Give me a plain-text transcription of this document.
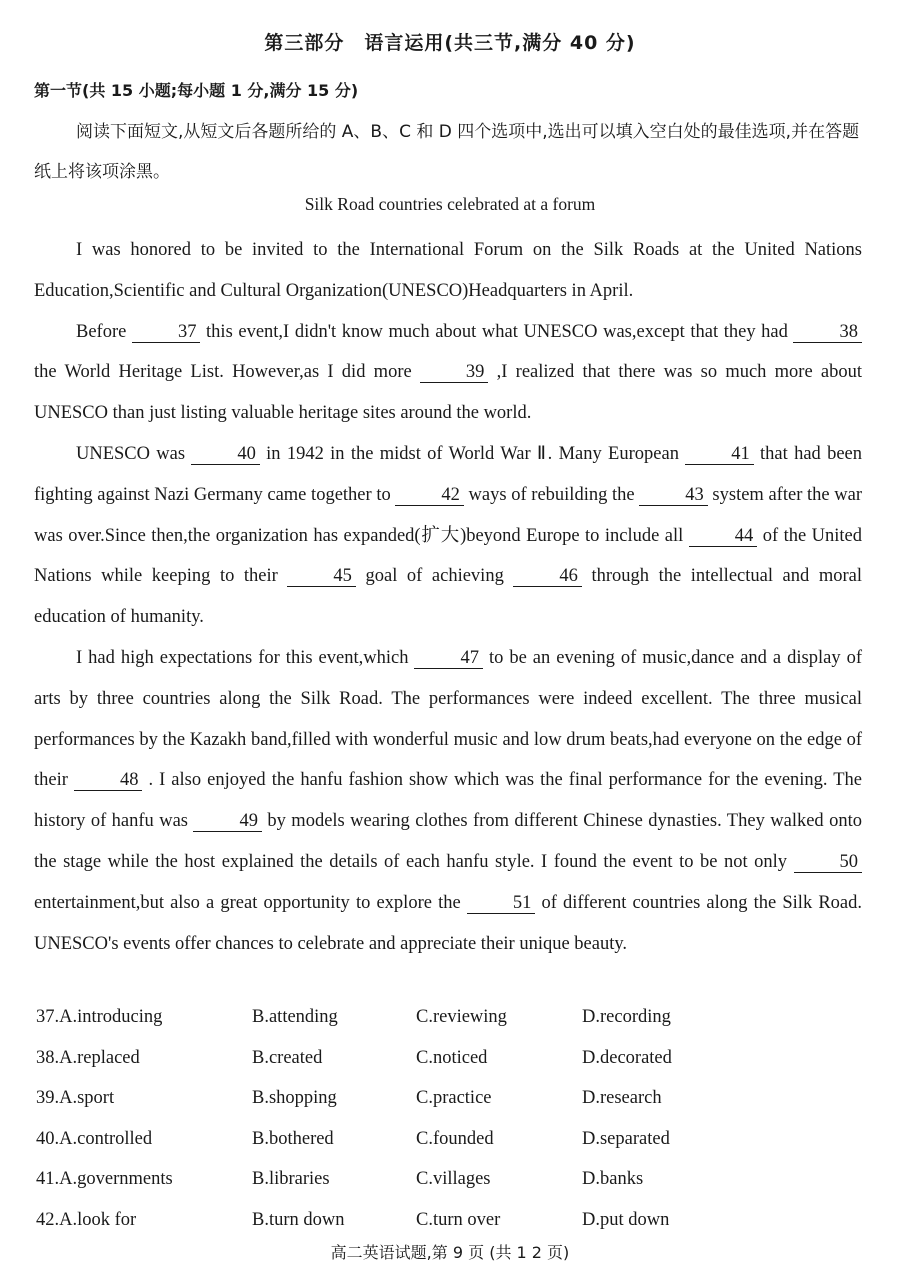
第三部分　语言运用(共三节,满分 40 分)
第一节(共 15 小题;每小题 1 分,满分 15 分)
阅读下面短文,从短文后各题所给的 A、B、C 和 D 四个选项中,选出可以填入空白处的最佳选项,并在答题纸上将该项涂黑。
Silk Road countries celebrated at a forum

I was honored to be invited to the International Forum on the Silk Roads at the United Nations Education,Scientific and Cultural Organization(UNESCO)Headquarters in April.

Before 37 this event,I didn't know much about what UNESCO was,except that they had 38 the World Heritage List. However,as I did more 39 ,I realized that there was so much more about UNESCO than just listing valuable heritage sites around the world.

UNESCO was 40 in 1942 in the midst of World War Ⅱ. Many European 41 that had been fighting against Nazi Germany came together to 42 ways of rebuilding the 43 system after the war was over.Since then,the organization has expanded(扩大)beyond Europe to include all 44 of the United Nations while keeping to their 45 goal of achieving 46 through the intellectual and moral education of humanity.

I had high expectations for this event,which 47 to be an evening of music,dance and a display of arts by three countries along the Silk Road. The performances were indeed excellent. The three musical performances by the Kazakh band,filled with wonderful music and low drum beats,had everyone on the edge of their 48 . I also enjoyed the hanfu fashion show which was the final performance for the evening. The history of hanfu was 49 by models wearing clothes from different Chinese dynasties. They walked onto the stage while the host explained the details of each hanfu style. I found the event to be not only 50 entertainment,but also a great opportunity to explore the 51 of different countries along the Silk Road. UNESCO's events offer chances to celebrate and appreciate their unique beauty.

37.A.introducing	B.attending	C.reviewing	D.recording
38.A.replaced	B.created	C.noticed	D.decorated
39.A.sport	B.shopping	C.practice	D.research
40.A.controlled	B.bothered	C.founded	D.separated
41.A.governments	B.libraries	C.villages	D.banks
42.A.look for	B.turn down	C.turn over	D.put down
高二英语试题,第 9 页 (共 1 2 页)
